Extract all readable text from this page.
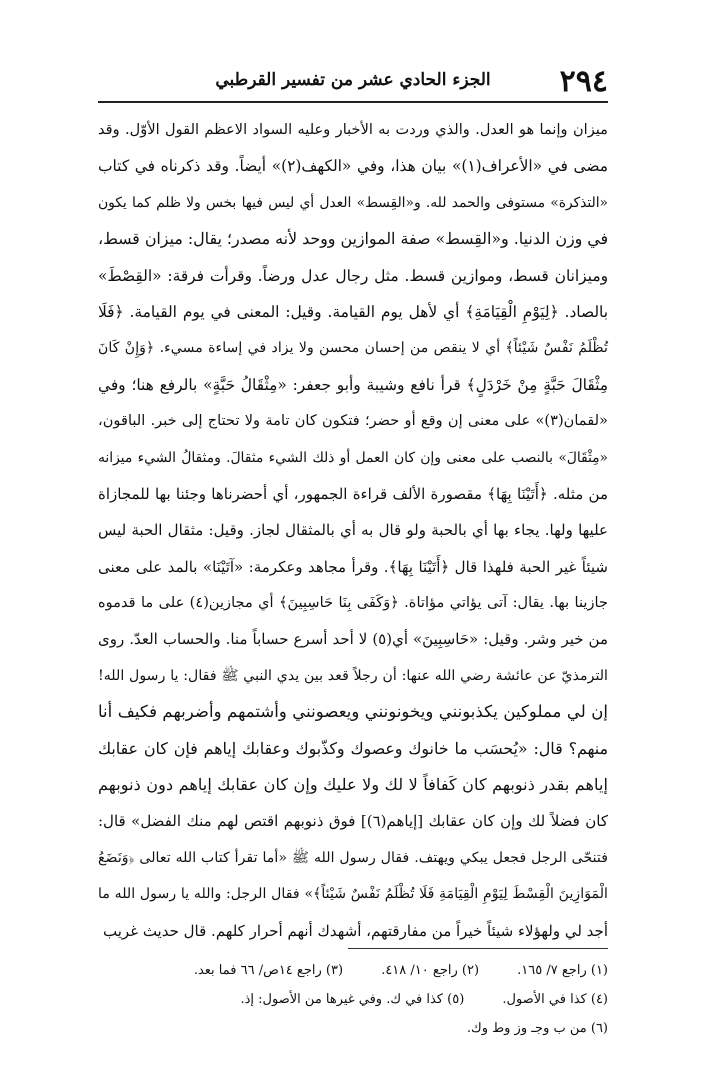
٢٩٤
الجزء الحادي عشر من تفسير القرطبي
ميزان وإنما هو العدل. والذي وردت به الأخبار وعليه السواد الاعظم القول الأوّل. وقد
مضى في «الأعراف(١)» بيان هذا، وفي «الكهف(٢)» أيضاً. وقد ذكرناه في كتاب
«التذكرة» مستوفى والحمد لله. و«القِسط» العدل أي ليس فيها بخس ولا ظلم كما يكون
في وزن الدنيا. و«القِسط» صفة الموازين ووحد لأنه مصدر؛ يقال: ميزان قسط،
وميزانان قسط، وموازين قسط. مثل رجال عدل ورضاً. وقرأت فرقة: «القِصْطَ»
بالصاد. ﴿لِيَوْمِ الْقِيَامَةِ﴾ أي لأهل يوم القيامة. وقيل: المعنى في يوم القيامة. ﴿فَلَا
تُظْلَمُ نَفْسٌ شَيْئاً﴾ أي لا ينقص من إحسان محسن ولا يزاد في إساءة مسيء. ﴿وَإِنْ كَانَ
مِثْقَالَ حَبَّةٍ مِنْ خَرْدَلٍ﴾ قرأ نافع وشيبة وأبو جعفر: «مِثْقَالُ حَبَّةٍ» بالرفع هنا؛ وفي
«لقمان(٣)» على معنى إن وقع أو حضر؛ فتكون كان تامة ولا تحتاج إلى خبر. الباقون،
«مِثْقَالَ» بالنصب على معنى وإن كان العمل أو ذلك الشيء مثقالَ. ومثقالُ الشيء ميزانه
من مثله. ﴿أَتَيْنَا بِهَا﴾ مقصورة الألف قراءة الجمهور، أي أحضرناها وجئنا بها للمجازاة
عليها ولها. يجاء بها أي بالحبة ولو قال به أي بالمثقال لجاز. وقيل: مثقال الحبة ليس
شيئاً غير الحبة فلهذا قال ﴿أَتَيْنَا بِهَا﴾. وقرأ مجاهد وعكرمة: «آتَيْنَا» بالمد على معنى
جازينا بها. يقال: آتى يؤاتي مؤاتاة. ﴿وَكَفَى بِنَا حَاسِبِينَ﴾ أي مجازين(٤) على ما قدموه
من خير وشر. وقيل: «حَاسِبِينَ» أي(٥) لا أحد أسرع حساباً منا. والحساب العدّ. روى
الترمذيّ عن عائشة رضي الله عنها: أن رجلاً قعد بين يدي النبي ﷺ فقال: يا رسول الله!
إن لي مملوكين يكذبونني ويخونونني ويعصونني وأشتمهم وأضربهم فكيف أنا
منهم؟ قال: «يُحسَب ما خانوك وعصوك وكذّبوك وعقابك إياهم فإن كان عقابك
إياهم بقدر ذنوبهم كان كَفافاً لا لك ولا عليك وإن كان عقابك إياهم دون ذنوبهم
كان فضلاً لك وإن كان عقابك [إياهم(٦)] فوق ذنوبهم اقتص لهم منك الفضل» قال:
فتنحّى الرجل فجعل يبكي ويهتف. فقال رسول الله ﷺ «أما تقرأ كتاب الله تعالى ﴿وَنَضَعُ
الْمَوَازِينَ الْقِسْطَ لِيَوْمِ الْقِيَامَةِ فَلَا تُظْلَمُ نَفْسٌ شَيْئاً﴾» فقال الرجل: والله يا رسول الله ما
أجد لي ولهؤلاء شيئاً خيراً من مفارقتهم، أشهدك أنهم أحرار كلهم. قال حديث غريب
(١) راجع ٧/ ١٦٥. (٢) راجع ١٠/ ٤١٨. (٣) راجع ١٤ص/ ٦٦ فما بعد.
(٤) كذا في الأصول. (٥) كذا في ك. وفي غيرها من الأصول: إذ.
(٦) من ب وجـ وز وط وك.
